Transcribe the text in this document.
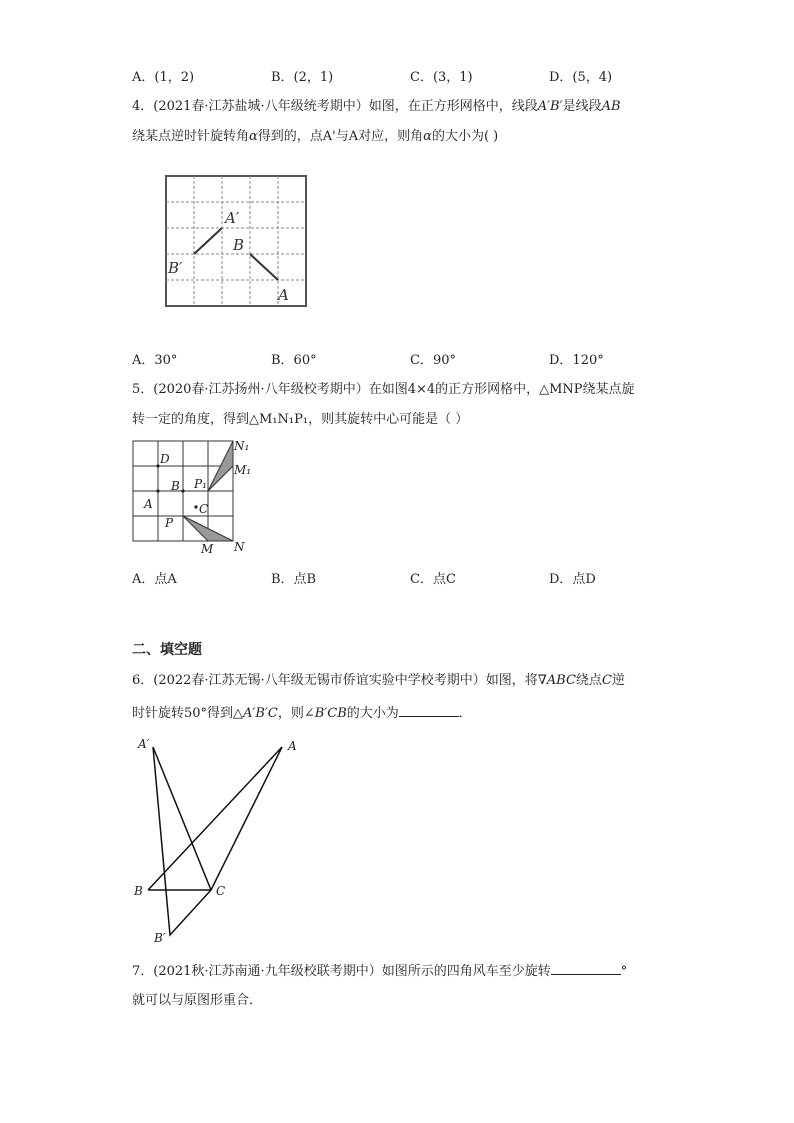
A．(1，2)	B．(2，1)	C．(3，1)	D．(5，4)
4．(2021春·江苏盐城·八年级统考期中）如图，在正方形网格中，线段A′B′是线段AB
绕某点逆时针旋转角α得到的，点A'与A对应，则角α的大小为( )
A′
B
B′
A
A．30°	B．60°	C．90°	D．120°
5．(2020春·江苏扬州·八年级校考期中）在如图4×4的正方形网格中，△MNP绕某点旋
转一定的角度，得到△M₁N₁P₁，则其旋转中心可能是（ ）
D
B
A	C
P
M N
N₁
M₁
P₁
A．点A	B．点B	C．点C	D．点D
二、填空题
6．(2022春·江苏无锡·八年级无锡市侨谊实验中学校考期中）如图，将∇ABC绕点C逆
时针旋转50°得到△A′B′C，则∠B′CB的大小为	．
A′	A
B	C
B′
7．(2021秋·江苏南通·九年级校联考期中）如图所示的四角风车至少旋转	°
就可以与原图形重合．
